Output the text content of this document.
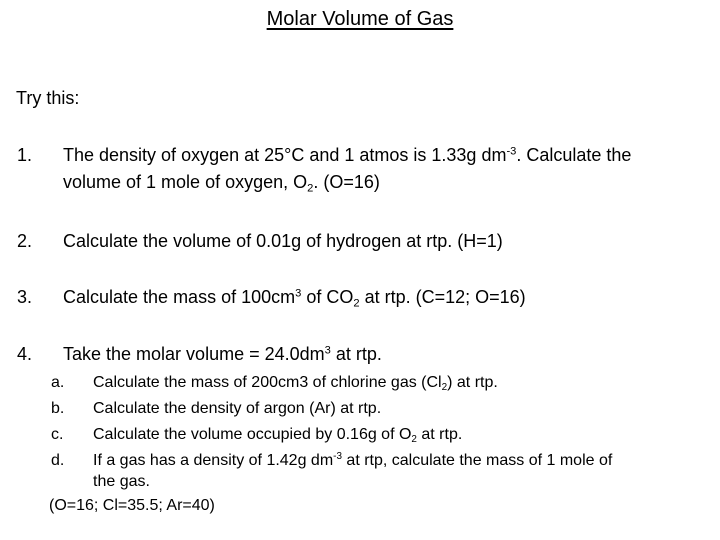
Molar Volume of Gas
Try this:
1. The density of oxygen at 25°C and 1 atmos is 1.33g $dm^{-3}$. Calculate the
volume of 1 mole of oxygen, $O_2$. (O=16)
2. Calculate the volume of 0.01g of hydrogen at rtp. (H=1)
3. Calculate the mass of $100cm^3$ of $CO_2$ at rtp. (C=12; O=16)
4. Take the molar volume = $24.0dm^3$ at rtp.
a. Calculate the mass of 200cm3 of chlorine gas $(Cl_2)$ at rtp.
b. Calculate the density of argon (Ar) at rtp.
c. Calculate the volume occupied by 0.16g of $O_2$ at rtp.
d. If a gas has a density of 1.42g $dm^{-3}$ at rtp, calculate the mass of 1 mole of
the gas.
(O=16; Cl=35.5; Ar=40)
